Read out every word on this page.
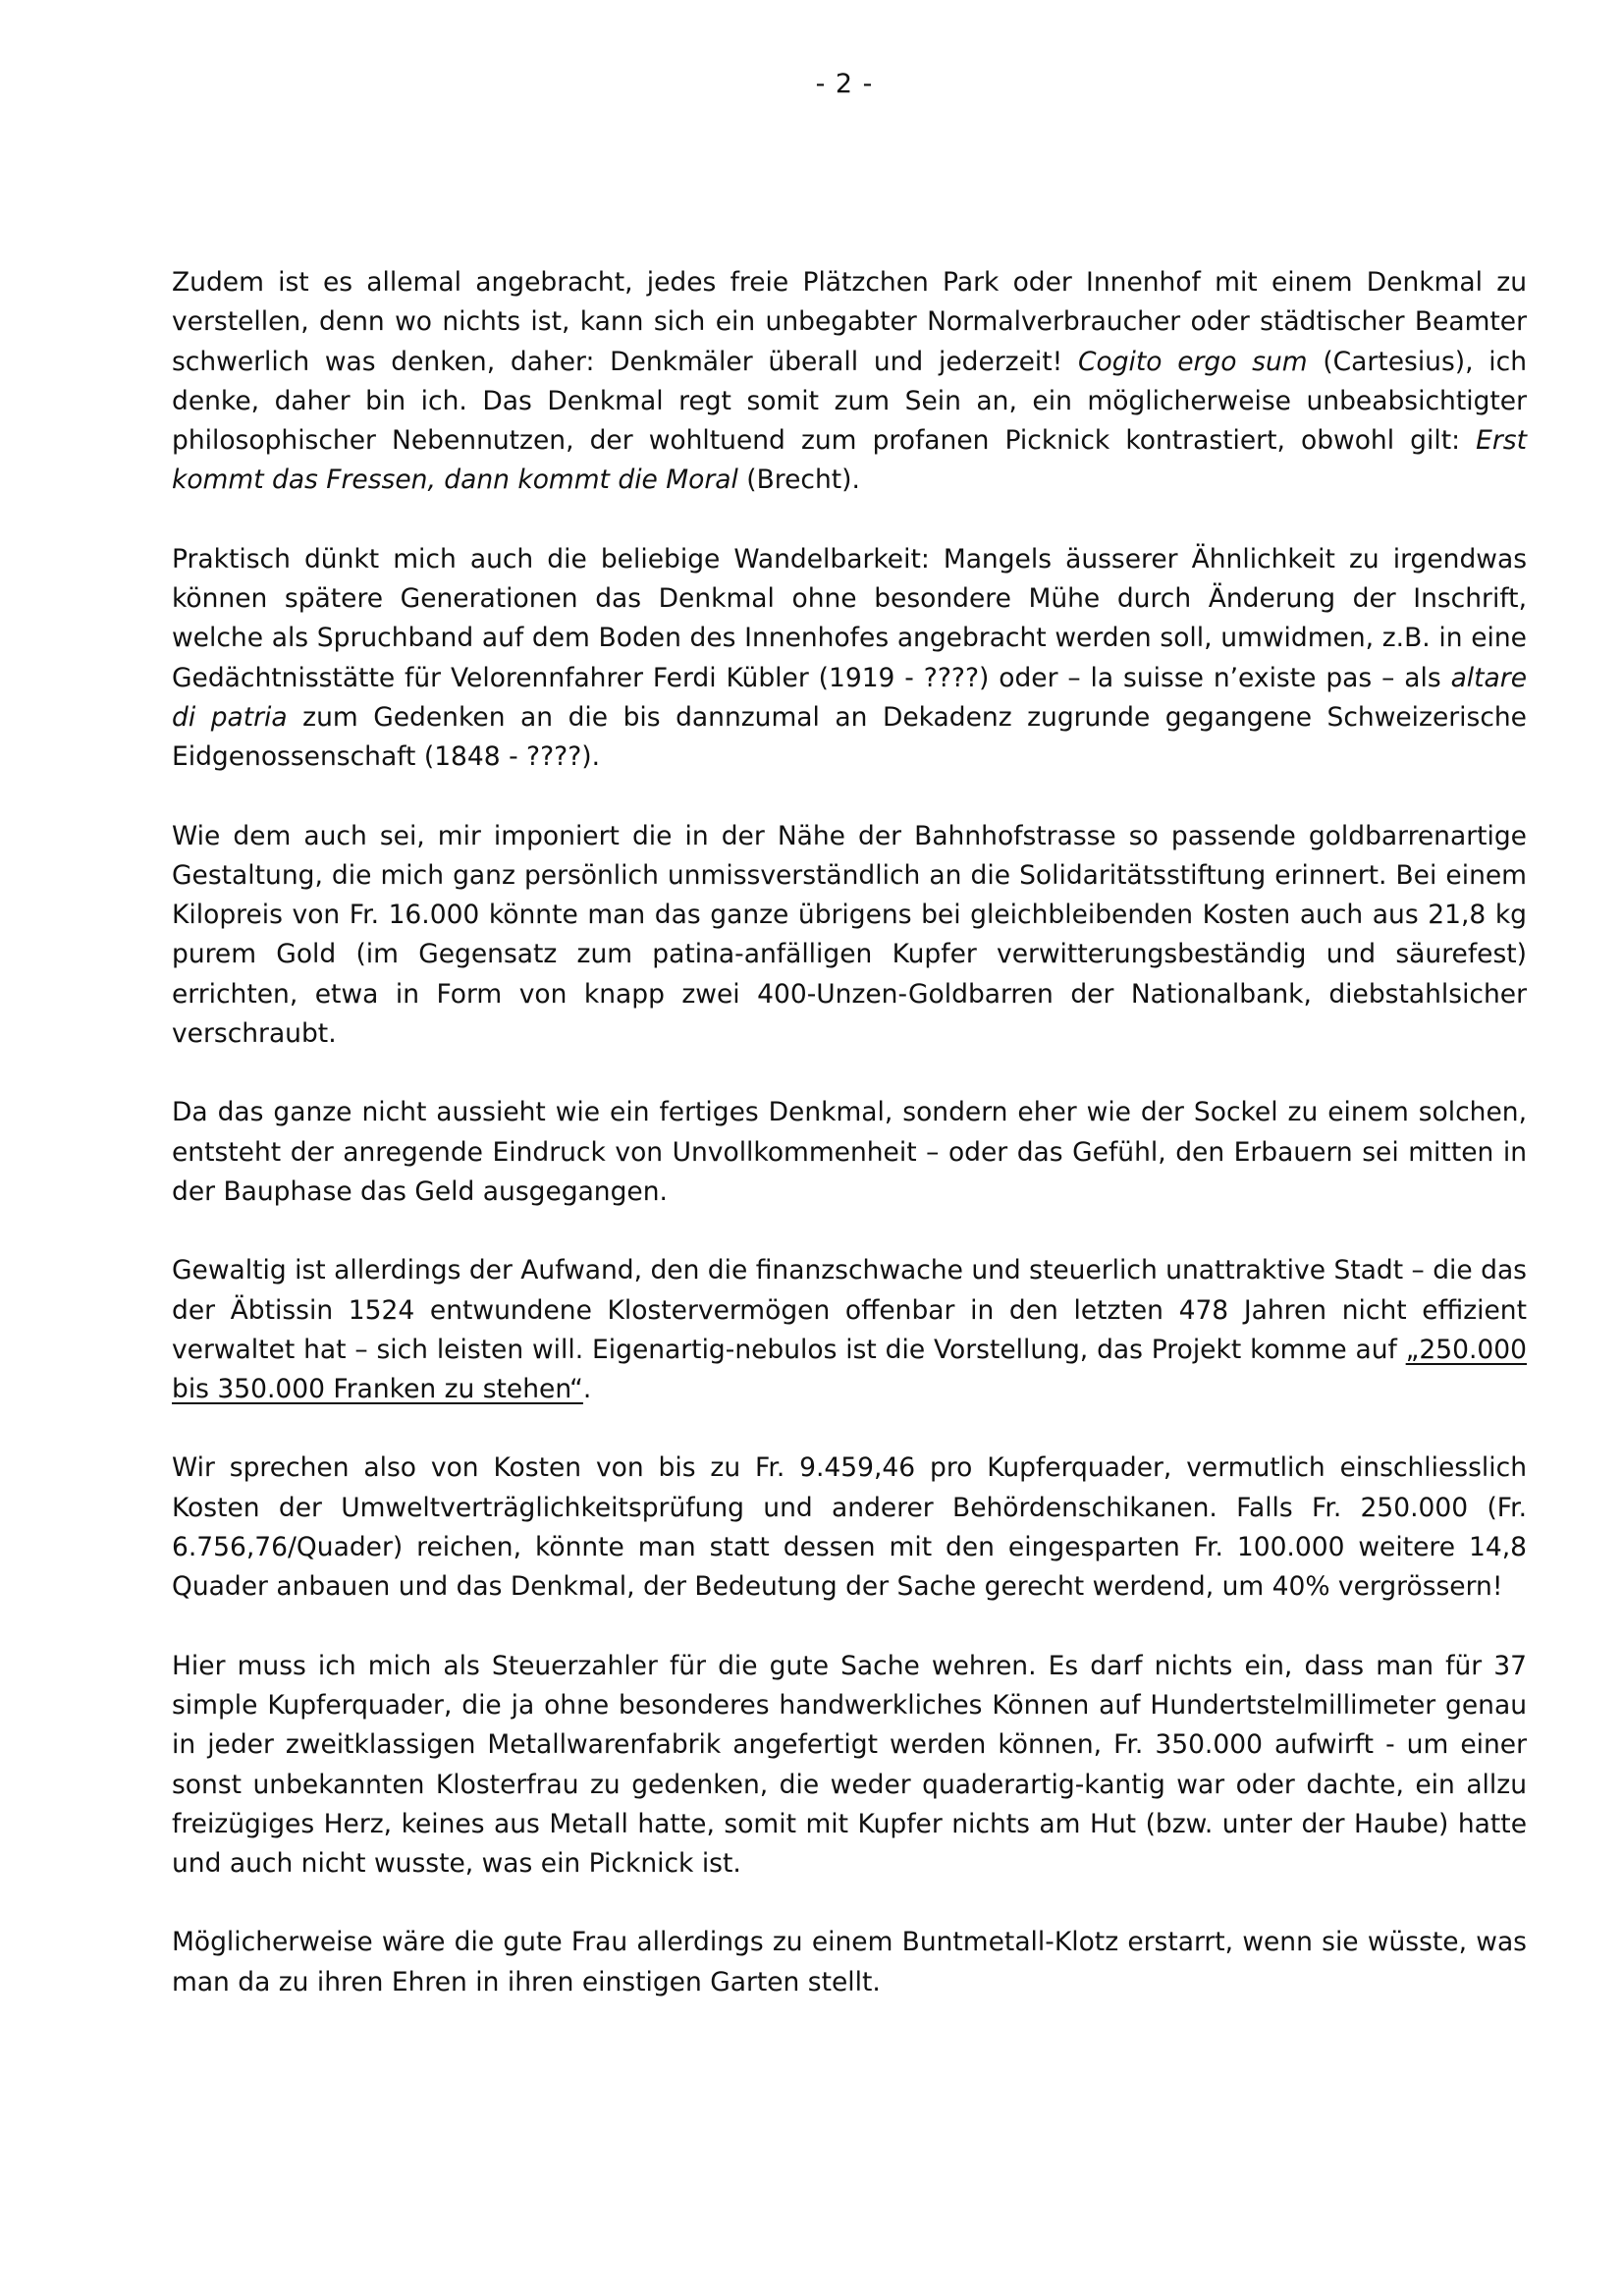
- 2 -

Zudem ist es allemal angebracht, jedes freie Plätzchen Park oder Innenhof mit einem Denkmal zu verstellen, denn wo nichts ist, kann sich ein unbegabter Normalverbraucher oder städtischer Beamter schwerlich was denken, daher: Denkmäler überall und jederzeit! Cogito ergo sum (Cartesius), ich denke, daher bin ich. Das Denkmal regt somit zum Sein an, ein möglicherweise unbeabsichtigter philosophischer Nebennutzen, der wohltuend zum profanen Picknick kontrastiert, obwohl gilt: Erst kommt das Fressen, dann kommt die Moral (Brecht).

Praktisch dünkt mich auch die beliebige Wandelbarkeit: Mangels äusserer Ähnlichkeit zu irgendwas können spätere Generationen das Denkmal ohne besondere Mühe durch Änderung der Inschrift, welche als Spruchband auf dem Boden des Innenhofes angebracht werden soll, umwidmen, z.B. in eine Gedächtnisstätte für Velorennfahrer Ferdi Kübler (1919 - ????) oder – la suisse n’existe pas – als altare di patria zum Gedenken an die bis dannzumal an Dekadenz zugrunde gegangene Schweizerische Eidgenossenschaft (1848 - ????).

Wie dem auch sei, mir imponiert die in der Nähe der Bahnhofstrasse so passende goldbarrenartige Gestaltung, die mich ganz persönlich unmissverständlich an die Solidaritätsstiftung erinnert. Bei einem Kilopreis von Fr. 16.000 könnte man das ganze übrigens bei gleichbleibenden Kosten auch aus 21,8 kg purem Gold (im Gegensatz zum patina-anfälligen Kupfer verwitterungsbeständig und säurefest) errichten, etwa in Form von knapp zwei 400-Unzen-Goldbarren der Nationalbank, diebstahlsicher verschraubt.

Da das ganze nicht aussieht wie ein fertiges Denkmal, sondern eher wie der Sockel zu einem solchen, entsteht der anregende Eindruck von Unvollkommenheit – oder das Gefühl, den Erbauern sei mitten in der Bauphase das Geld ausgegangen.

Gewaltig ist allerdings der Aufwand, den die finanzschwache und steuerlich unattraktive Stadt – die das der Äbtissin 1524 entwundene Klostervermögen offenbar in den letzten 478 Jahren nicht effizient verwaltet hat – sich leisten will. Eigenartig-nebulos ist die Vorstellung, das Projekt komme auf „250.000 bis 350.000 Franken zu stehen“.

Wir sprechen also von Kosten von bis zu Fr. 9.459,46 pro Kupferquader, vermutlich einschliesslich Kosten der Umweltverträglichkeitsprüfung und anderer Behördenschikanen. Falls Fr. 250.000 (Fr. 6.756,76/Quader) reichen, könnte man statt dessen mit den eingesparten Fr. 100.000 weitere 14,8 Quader anbauen und das Denkmal, der Bedeutung der Sache gerecht werdend, um 40% vergrössern!

Hier muss ich mich als Steuerzahler für die gute Sache wehren. Es darf nichts ein, dass man für 37 simple Kupferquader, die ja ohne besonderes handwerkliches Können auf Hundertstelmillimeter genau in jeder zweitklassigen Metallwarenfabrik angefertigt werden können, Fr. 350.000 aufwirft - um einer sonst unbekannten Klosterfrau zu gedenken, die weder quaderartig-kantig war oder dachte, ein allzu freizügiges Herz, keines aus Metall hatte, somit mit Kupfer nichts am Hut (bzw. unter der Haube) hatte und auch nicht wusste, was ein Picknick ist.

Möglicherweise wäre die gute Frau allerdings zu einem Buntmetall-Klotz erstarrt, wenn sie wüsste, was man da zu ihren Ehren in ihren einstigen Garten stellt.
